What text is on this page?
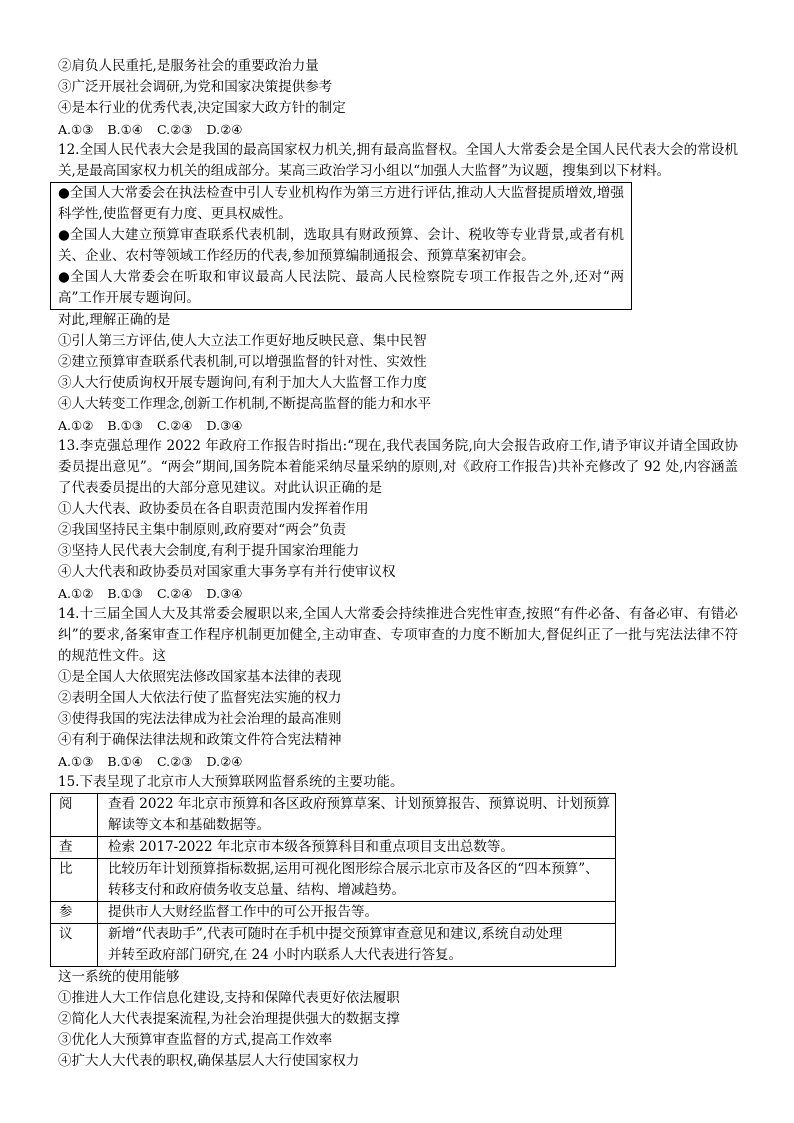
②肩负人民重托,是服务社会的重要政治力量
③广泛开展社会调研,为党和国家决策提供参考
④是本行业的优秀代表,决定国家大政方针的制定
A.①③ B.①④ C.②③ D.②④
12.全国人民代表大会是我国的最高国家权力机关,拥有最高监督权。全国人大常委会是全国人民代表大会的常设机关,是最高国家权力机关的组成部分。某高三政治学习小组以“加强人大监督”为议题，搜集到以下材料。
●全国人大常委会在执法检查中引人专业机构作为第三方进行评估,推动人大监督提质增效,增强科学性,使监督更有力度、更具权威性。
●全国人大建立预算审查联系代表机制，选取具有财政预算、会计、税收等专业背景,或者有机关、企业、农村等领域工作经历的代表,参加预算编制通报会、预算草案初审会。
●全国人大常委会在听取和审议最高人民法院、最高人民检察院专项工作报告之外,还对“两高”工作开展专题询问。
对此,理解正确的是
①引人第三方评估,使人大立法工作更好地反映民意、集中民智
②建立预算审查联系代表机制,可以增强监督的针对性、实效性
③人大行使质询权开展专题询问,有利于加大人大监督工作力度
④人大转变工作理念,创新工作机制,不断提高监督的能力和水平
A.①② B.①③ C.②④ D.③④
13.李克强总理作 2022 年政府工作报告时指出:“现在,我代表国务院,向大会报告政府工作,请予审议并请全国政协委员提出意见”。“两会”期间,国务院本着能采纳尽量采纳的原则,对《政府工作报告)共补充修改了 92 处,内容涵盖了代表委员提出的大部分意见建议。对此认识正确的是
①人大代表、政协委员在各自职责范围内发挥着作用
②我国坚持民主集中制原则,政府要对“两会”负责
③坚持人民代表大会制度,有利于提升国家治理能力
④人大代表和政协委员对国家重大事务享有并行使审议权
A.①② B.①③ C.②④ D.③④
14.十三届全国人大及其常委会履职以来,全国人大常委会持续推进合宪性审查,按照“有件必备、有备必审、有错必纠”的要求,备案审查工作程序机制更加健全,主动审查、专项审查的力度不断加大,督促纠正了一批与宪法法律不符的规范性文件。这
①是全国人大依照宪法修改国家基本法律的表现
②表明全国人大依法行使了监督宪法实施的权力
③使得我国的宪法法律成为社会治理的最高准则
④有利于确保法律法规和政策文件符合宪法精神
A.①③ B.①④ C.②③ D.②④
15.下表呈现了北京市人大预算联网监督系统的主要功能。
阅	查看 2022 年北京市预算和各区政府预算草案、计划预算报告、预算说明、计划预算
解读等文本和基础数据等。

查	检索 2017-2022 年北京市本级各预算科目和重点项目支出总数等。

比	比较历年计划预算指标数据,运用可视化图形综合展示北京市及各区的“四本预算”、
转移支付和政府债务收支总量、结构、增减趋势。

参	提供市人大财经监督工作中的可公开报告等。

议	新增“代表助手”,代表可随时在手机中提交预算审查意见和建议,系统自动处理
并转至政府部门研究,在 24 小时内联系人大代表进行答复。
这一系统的使用能够
①推进人大工作信息化建设,支持和保障代表更好依法履职
②简化人大代表提案流程,为社会治理提供强大的数据支撑
③优化人大预算审查监督的方式,提高工作效率
④扩大人大代表的职权,确保基层人大行使国家权力
